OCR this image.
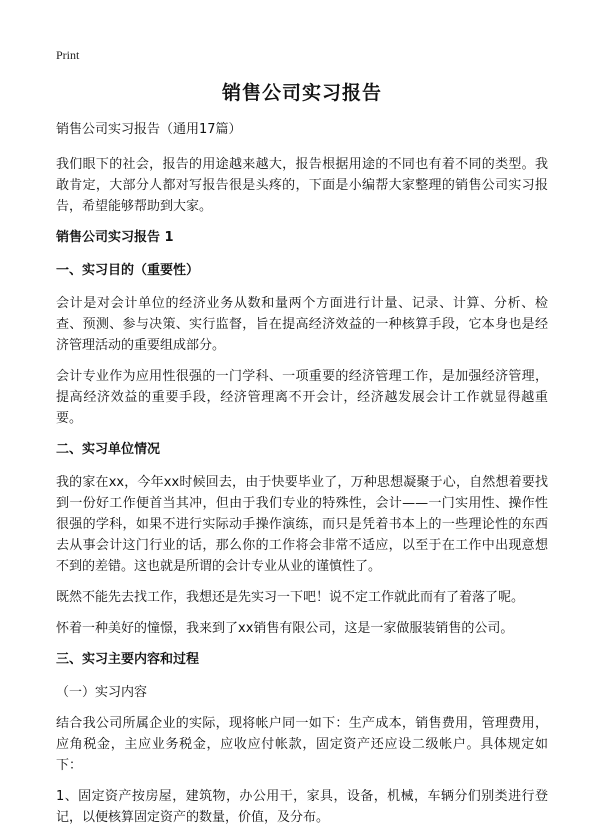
Print
销售公司实习报告
销售公司实习报告（通用17篇）
我们眼下的社会，报告的用途越来越大，报告根据用途的不同也有着不同的类型。我敢肯定，大部分人都对写报告很是头疼的，下面是小编帮大家整理的销售公司实习报告，希望能够帮助到大家。
销售公司实习报告 1
一、实习目的（重要性）
会计是对会计单位的经济业务从数和量两个方面进行计量、记录、计算、分析、检查、预测、参与决策、实行监督，旨在提高经济效益的一种核算手段，它本身也是经济管理活动的重要组成部分。
会计专业作为应用性很强的一门学科、一项重要的经济管理工作，是加强经济管理，提高经济效益的重要手段，经济管理离不开会计，经济越发展会计工作就显得越重要。
二、实习单位情况
我的家在xx，今年xx时候回去，由于快要毕业了，万种思想凝聚于心，自然想着要找到一份好工作便首当其冲，但由于我们专业的特殊性，会计——一门实用性、操作性很强的学科，如果不进行实际动手操作演练，而只是凭着书本上的一些理论性的东西去从事会计这门行业的话，那么你的工作将会非常不适应，以至于在工作中出现意想不到的差错。这也就是所谓的会计专业从业的谨慎性了。
既然不能先去找工作，我想还是先实习一下吧！说不定工作就此而有了着落了呢。
怀着一种美好的憧憬，我来到了xx销售有限公司，这是一家做服装销售的公司。
三、实习主要内容和过程
（一）实习内容
结合我公司所属企业的实际，现将帐户同一如下：生产成本，销售费用，管理费用，应角税金，主应业务税金，应收应付帐款，固定资产还应设二级帐户。具体规定如下：
1、固定资产按房屋，建筑物，办公用干，家具，设备，机械，车辆分们别类进行登记，以便核算固定资产的数量，价值，及分布。
